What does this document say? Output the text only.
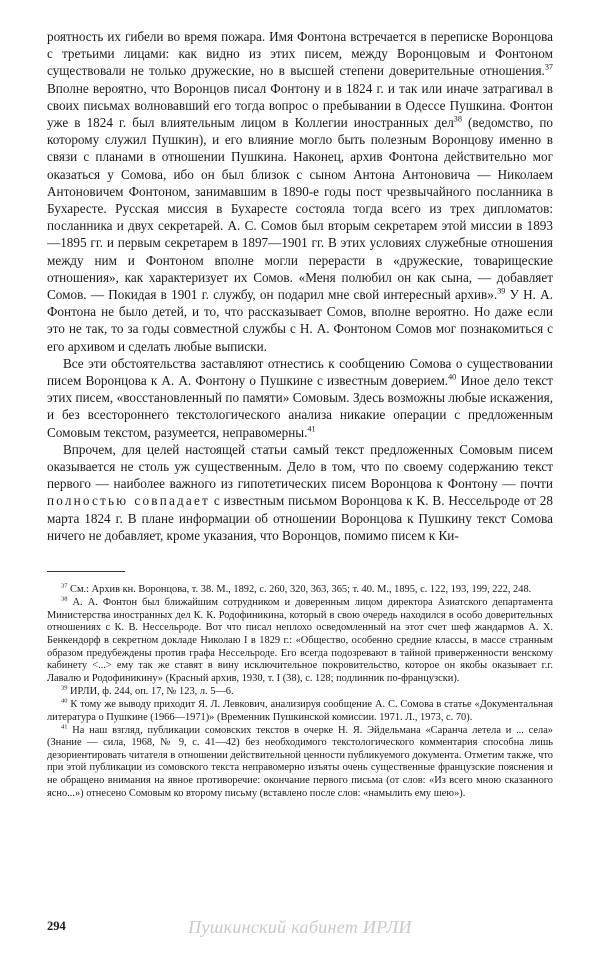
роятность их гибели во время пожара. Имя Фонтона встречается в переписке Воронцова с третьими лицами: как видно из этих писем, между Воронцовым и Фонтоном существовали не только дружеские, но в высшей степени доверительные отношения.$^{37}$ Вполне вероятно, что Воронцов писал Фонтону и в 1824 г. и так или иначе затрагивал в своих письмах волновавший его тогда вопрос о пребывании в Одессе Пушкина. Фонтон уже в 1824 г. был влиятельным лицом в Коллегии иностранных дел$^{38}$ (ведомство, по которому служил Пушкин), и его влияние могло быть полезным Воронцову именно в связи с планами в отношении Пушкина. Наконец, архив Фонтона действительно мог оказаться у Сомова, ибо он был близок с сыном Антона Антоновича — Николаем Антоновичем Фонтоном, занимавшим в 1890-е годы пост чрезвычайного посланника в Бухаресте. Русская миссия в Бухаресте состояла тогда всего из трех дипломатов: посланника и двух секретарей. А. С. Сомов был вторым секретарем этой миссии в 1893—1895 гг. и первым секретарем в 1897—1901 гг. В этих условиях служебные отношения между ним и Фонтоном вполне могли перерасти в «дружеские, товарищеские отношения», как характеризует их Сомов. «Меня полюбил он как сына, — добавляет Сомов. — Покидая в 1901 г. службу, он подарил мне свой интересный архив».$^{39}$ У Н. А. Фонтона не было детей, и то, что рассказывает Сомов, вполне вероятно. Но даже если это не так, то за годы совместной службы с Н. А. Фонтоном Сомов мог познакомиться с его архивом и сделать любые выписки.

Все эти обстоятельства заставляют отнестись к сообщению Сомова о существовании писем Воронцова к А. А. Фонтону о Пушкине с известным доверием.$^{40}$ Иное дело текст этих писем, «восстановленный по памяти» Сомовым. Здесь возможны любые искажения, и без всестороннего текстологического анализа никакие операции с предложенным Сомовым текстом, разумеется, неправомерны.$^{41}$

Впрочем, для целей настоящей статьи самый текст предложенных Сомовым писем оказывается не столь уж существенным. Дело в том, что по своему содержанию текст первого — наиболее важного из гипотетических писем Воронцова к Фонтону — почти полностью совпадает с известным письмом Воронцова к К. В. Нессельроде от 28 марта 1824 г. В плане информации об отношении Воронцова к Пушкину текст Сомова ничего не добавляет, кроме указания, что Воронцов, помимо писем к Ки-

$^{37}$ См.: Архив кн. Воронцова, т. 38. М., 1892, с. 260, 320, 363, 365; т. 40. М., 1895, с. 122, 193, 199, 222, 248.

$^{38}$ А. А. Фонтон был ближайшим сотрудником и доверенным лицом директора Азиатского департамента Министерства иностранных дел К. К. Родофиникина, который в свою очередь находился в особо доверительных отношениях с К. В. Нессельроде. Вот что писал неплохо осведомленный на этот счет шеф жандармов А. Х. Бенкендорф в секретном докладе Николаю I в 1829 г.: «Общество, особенно средние классы, в массе странным образом предубеждены против графа Нессельроде. Его всегда подозревают в тайной приверженности венскому кабинету <...> ему так же ставят в вину исключительное покровительство, которое он якобы оказывает г.г. Лавалю и Родофиникину» (Красный архив, 1930, т. I (38), с. 128; подлинник по-французски).

$^{39}$ ИРЛИ, ф. 244, оп. 17, № 123, л. 5—6.

$^{40}$ К тому же выводу приходит Я. Л. Левкович, анализируя сообщение А. С. Сомова в статье «Документальная литература о Пушкине (1966—1971)» (Временник Пушкинской комиссии. 1971. Л., 1973, с. 70).

$^{41}$ На наш взгляд, публикации сомовских текстов в очерке Н. Я. Эйдельмана «Саранча летела и ... села» (Знание — сила, 1968, № 9, с. 41—42) без необходимого текстологического комментария способна лишь дезориентировать читателя в отношении действительной ценности публикуемого документа. Отметим также, что при этой публикации из сомовского текста неправомерно изъяты очень существенные французские пояснения и не обращено внимания на явное противоречие: окончание первого письма (от слов: «Из всего мною сказанного ясно...») отнесено Сомовым ко второму письму (вставлено после слов: «намылить ему шею»).

Пушкинский кабинет ИРЛИ
294
